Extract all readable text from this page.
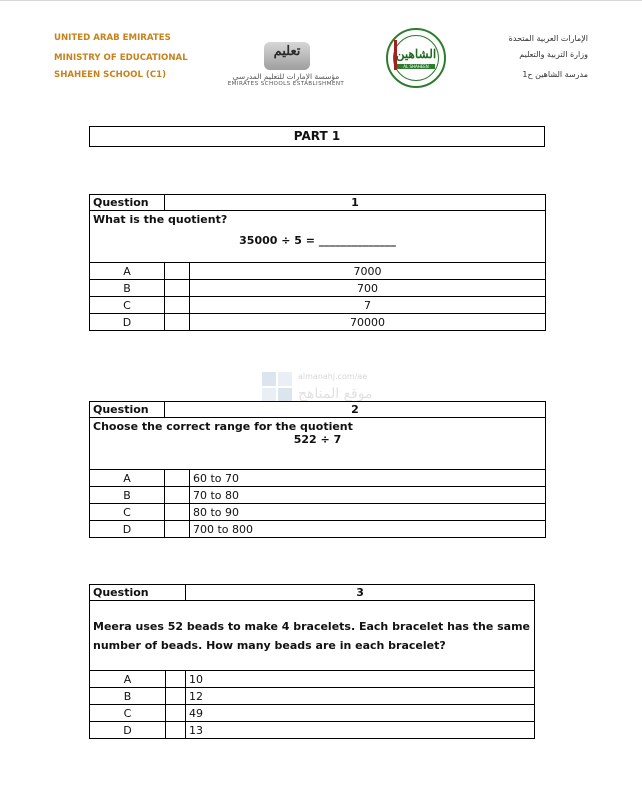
UNITED ARAB EMIRATES
MINISTRY OF EDUCATIONAL
SHAHEEN SCHOOL (C1)
تعليم
مؤسسة الإمارات للتعليم المدرسي
EMIRATES SCHOOLS ESTABLISHMENT
الشاهين
AL SHAHEEN
الإمارات العربية المتحدة
وزارة التربية والتعليم
مدرسة الشاهين ح1
PART 1
Question	1	

What is the quotient?
35000 ÷ 5 = ______________		

A		7000
B		700
C		7
D		70000
almanahj.com/ae
موقع المناهج
Question	2	

Choose the correct range for the quotient
522 ÷ 7		

A		60 to 70
B		70 to 80
C		80 to 90
D		700 to 800
Question		3
Meera uses 52 beads to make 4 bracelets. Each bracelet has the same number of beads. How many beads are in each bracelet?		
A		10
B		12
C		49
D		13
